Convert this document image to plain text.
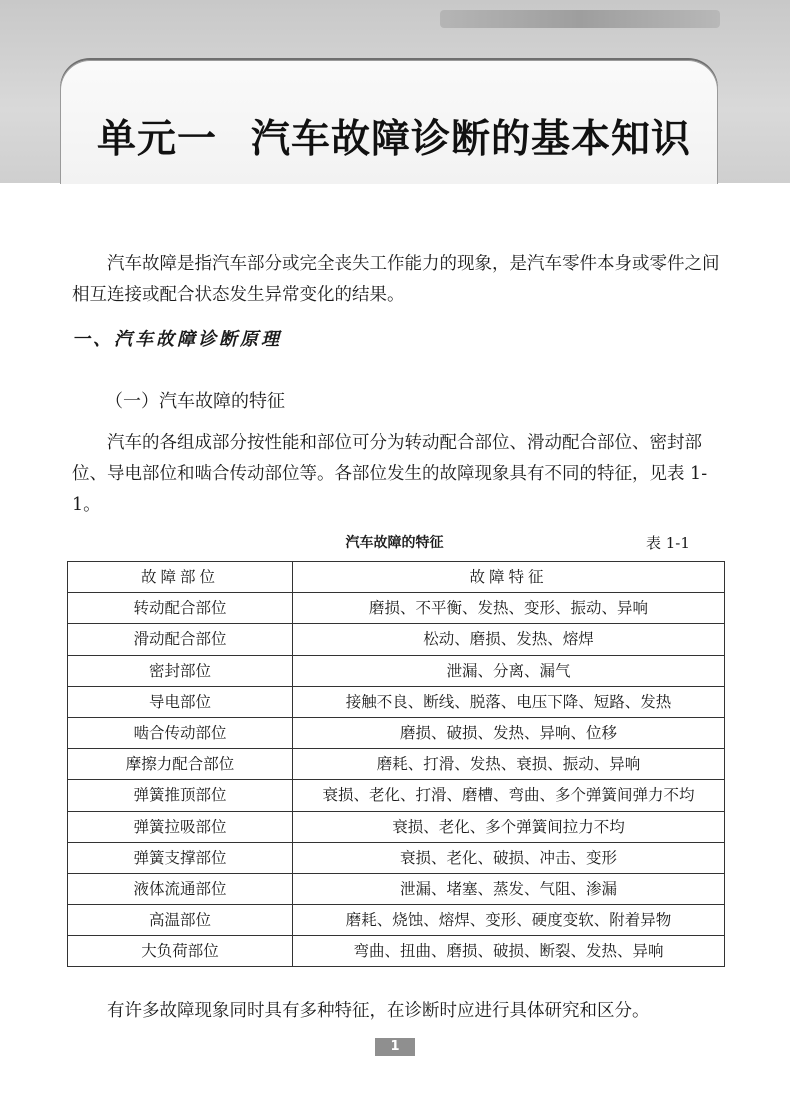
单元一 汽车故障诊断的基本知识

汽车故障是指汽车部分或完全丧失工作能力的现象，是汽车零件本身或零件之间相互连接或配合状态发生异常变化的结果。

一、汽车故障诊断原理
（一）汽车故障的特征

汽车的各组成部分按性能和部位可分为转动配合部位、滑动配合部位、密封部位、导电部位和啮合传动部位等。各部位发生的故障现象具有不同的特征，见表 1-1。

汽车故障的特征	表 1-1
故障部位	故障特征
转动配合部位	磨损、不平衡、发热、变形、振动、异响
滑动配合部位	松动、磨损、发热、熔焊
密封部位	泄漏、分离、漏气
导电部位	接触不良、断线、脱落、电压下降、短路、发热
啮合传动部位	磨损、破损、发热、异响、位移
摩擦力配合部位	磨耗、打滑、发热、衰损、振动、异响
弹簧推顶部位	衰损、老化、打滑、磨槽、弯曲、多个弹簧间弹力不均
弹簧拉吸部位	衰损、老化、多个弹簧间拉力不均
弹簧支撑部位	衰损、老化、破损、冲击、变形
液体流通部位	泄漏、堵塞、蒸发、气阻、渗漏
高温部位	磨耗、烧蚀、熔焊、变形、硬度变软、附着异物
大负荷部位	弯曲、扭曲、磨损、破损、断裂、发热、异响

有许多故障现象同时具有多种特征，在诊断时应进行具体研究和区分。

1
